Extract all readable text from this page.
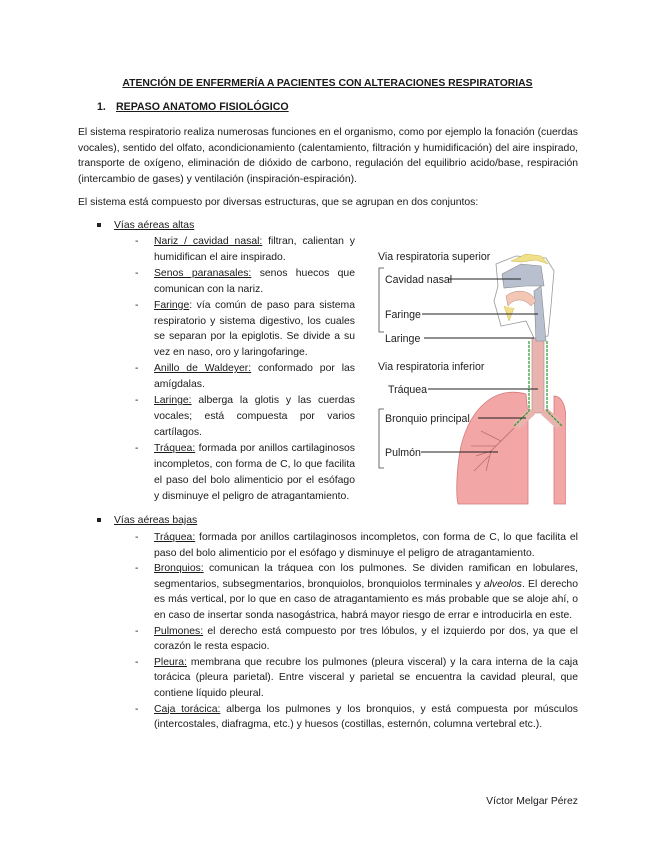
ATENCIÓN DE ENFERMERÍA A PACIENTES CON ALTERACIONES RESPIRATORIAS
1. REPASO ANATOMO FISIOLÓGICO
El sistema respiratorio realiza numerosas funciones en el organismo, como por ejemplo la fonación (cuerdas vocales), sentido del olfato, acondicionamiento (calentamiento, filtración y humidificación) del aire inspirado, transporte de oxígeno, eliminación de dióxido de carbono, regulación del equilibrio acido/base, respiración (intercambio de gases) y ventilación (inspiración-espiración).
El sistema está compuesto por diversas estructuras, que se agrupan en dos conjuntos:
Vías aéreas altas
- Nariz / cavidad nasal: filtran, calientan y humidifican el aire inspirado.
- Senos paranasales: senos huecos que comunican con la nariz.
- Faringe: vía común de paso para sistema respiratorio y sistema digestivo, los cuales se separan por la epiglotis. Se divide a su vez en naso, oro y laringofaringe.
- Anillo de Waldeyer: conformado por las amígdalas.
- Laringe: alberga la glotis y las cuerdas vocales; está compuesta por varios cartílagos.
- Tráquea: formada por anillos cartilaginosos incompletos, con forma de C, lo que facilita el paso del bolo alimenticio por el esófago y disminuye el peligro de atragantamiento.
Via respiratoria superior
Cavidad nasal
Faringe
Laringe
Via respiratoria inferior
Tráquea
Bronquio principal
Pulmón
Vías aéreas bajas
- Tráquea: formada por anillos cartilaginosos incompletos, con forma de C, lo que facilita el paso del bolo alimenticio por el esófago y disminuye el peligro de atragantamiento.
- Bronquios: comunican la tráquea con los pulmones. Se dividen ramifican en lobulares, segmentarios, subsegmentarios, bronquiolos, bronquiolos terminales y alveolos. El derecho es más vertical, por lo que en caso de atragantamiento es más probable que se aloje ahí, o en caso de insertar sonda nasogástrica, habrá mayor riesgo de errar e introducirla en este.
- Pulmones: el derecho está compuesto por tres lóbulos, y el izquierdo por dos, ya que el corazón le resta espacio.
- Pleura: membrana que recubre los pulmones (pleura visceral) y la cara interna de la caja torácica (pleura parietal). Entre visceral y parietal se encuentra la cavidad pleural, que contiene líquido pleural.
- Caja torácica: alberga los pulmones y los bronquios, y está compuesta por músculos (intercostales, diafragma, etc.) y huesos (costillas, esternón, columna vertebral etc.).
Víctor Melgar Pérez
